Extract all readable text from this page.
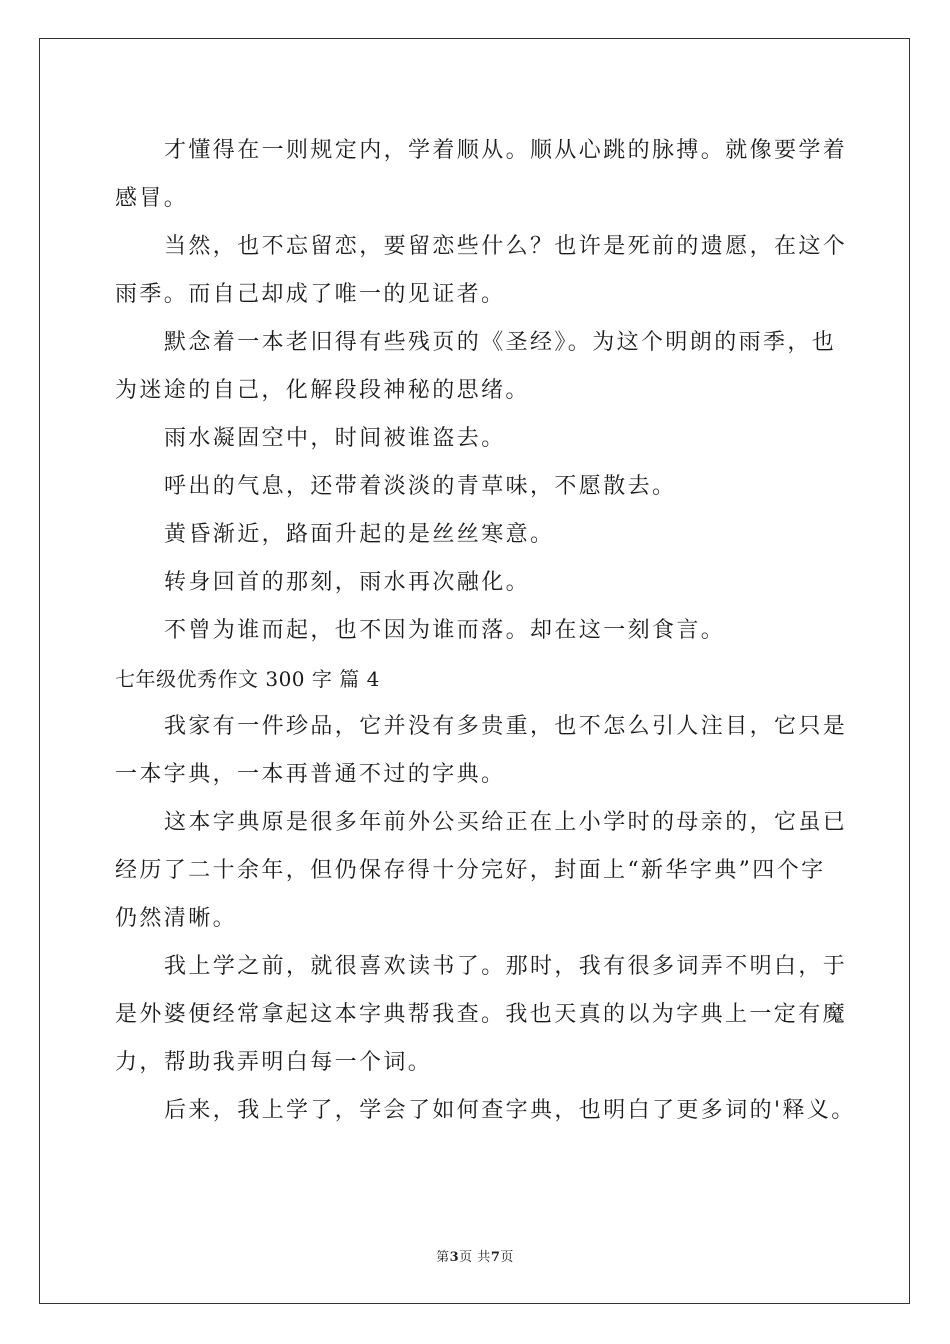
才懂得在一则规定内，学着顺从。顺从心跳的脉搏。就像要学着
感冒。
当然，也不忘留恋，要留恋些什么？也许是死前的遗愿，在这个
雨季。而自己却成了唯一的见证者。
默念着一本老旧得有些残页的《圣经》。为这个明朗的雨季，也
为迷途的自己，化解段段神秘的思绪。
雨水凝固空中，时间被谁盗去。
呼出的气息，还带着淡淡的青草味，不愿散去。
黄昏渐近，路面升起的是丝丝寒意。
转身回首的那刻，雨水再次融化。
不曾为谁而起，也不因为谁而落。却在这一刻食言。
七年级优秀作文 300 字 篇 4
我家有一件珍品，它并没有多贵重，也不怎么引人注目，它只是
一本字典，一本再普通不过的字典。
这本字典原是很多年前外公买给正在上小学时的母亲的，它虽已
经历了二十余年，但仍保存得十分完好，封面上“新华字典”四个字
仍然清晰。
我上学之前，就很喜欢读书了。那时，我有很多词弄不明白，于
是外婆便经常拿起这本字典帮我查。我也天真的以为字典上一定有魔
力，帮助我弄明白每一个词。
后来，我上学了，学会了如何查字典，也明白了更多词的'释义。
第3页 共7页
